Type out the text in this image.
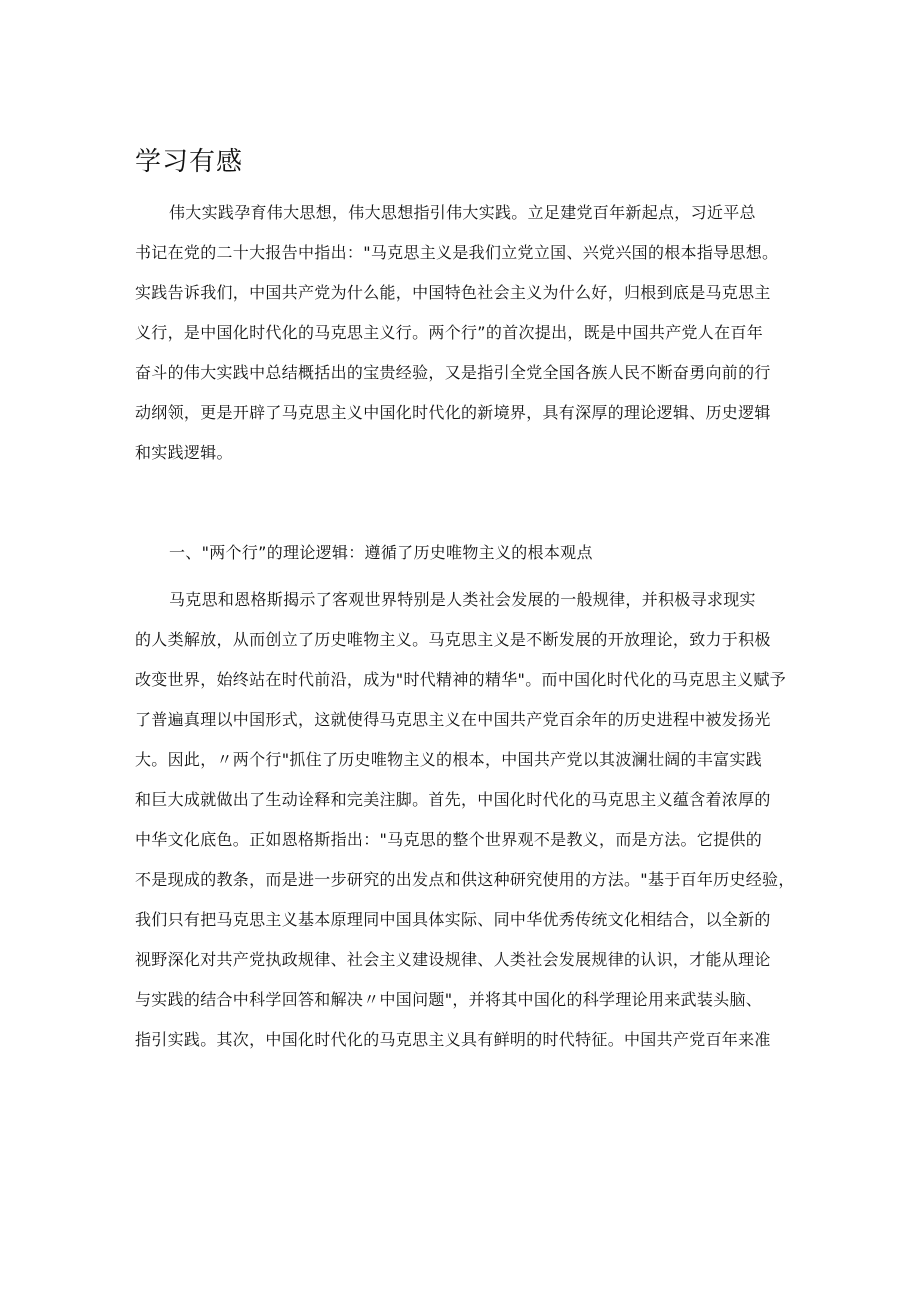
学习有感
伟大实践孕育伟大思想，伟大思想指引伟大实践。立足建党百年新起点，习近平总
书记在党的二十大报告中指出："马克思主义是我们立党立国、兴党兴国的根本指导思想。
实践告诉我们，中国共产党为什么能，中国特色社会主义为什么好，归根到底是马克思主
义行，是中国化时代化的马克思主义行。两个行”的首次提出，既是中国共产党人在百年
奋斗的伟大实践中总结概括出的宝贵经验，又是指引全党全国各族人民不断奋勇向前的行
动纲领，更是开辟了马克思主义中国化时代化的新境界，具有深厚的理论逻辑、历史逻辑
和实践逻辑。

一、"两个行”的理论逻辑：遵循了历史唯物主义的根本观点

马克思和恩格斯揭示了客观世界特别是人类社会发展的一般规律，并积极寻求现实
的人类解放，从而创立了历史唯物主义。马克思主义是不断发展的开放理论，致力于积极
改变世界，始终站在时代前沿，成为"时代精神的精华"。而中国化时代化的马克思主义赋予
了普遍真理以中国形式，这就使得马克思主义在中国共产党百余年的历史进程中被发扬光
大。因此，〃两个行"抓住了历史唯物主义的根本，中国共产党以其波澜壮阔的丰富实践
和巨大成就做出了生动诠释和完美注脚。首先，中国化时代化的马克思主义蕴含着浓厚的
中华文化底色。正如恩格斯指出："马克思的整个世界观不是教义，而是方法。它提供的
不是现成的教条，而是进一步研究的出发点和供这种研究使用的方法。"基于百年历史经验，
我们只有把马克思主义基本原理同中国具体实际、同中华优秀传统文化相结合，以全新的
视野深化对共产党执政规律、社会主义建设规律、人类社会发展规律的认识，才能从理论
与实践的结合中科学回答和解决〃中国问题"，并将其中国化的科学理论用来武装头脑、
指引实践。其次，中国化时代化的马克思主义具有鲜明的时代特征。中国共产党百年来准
